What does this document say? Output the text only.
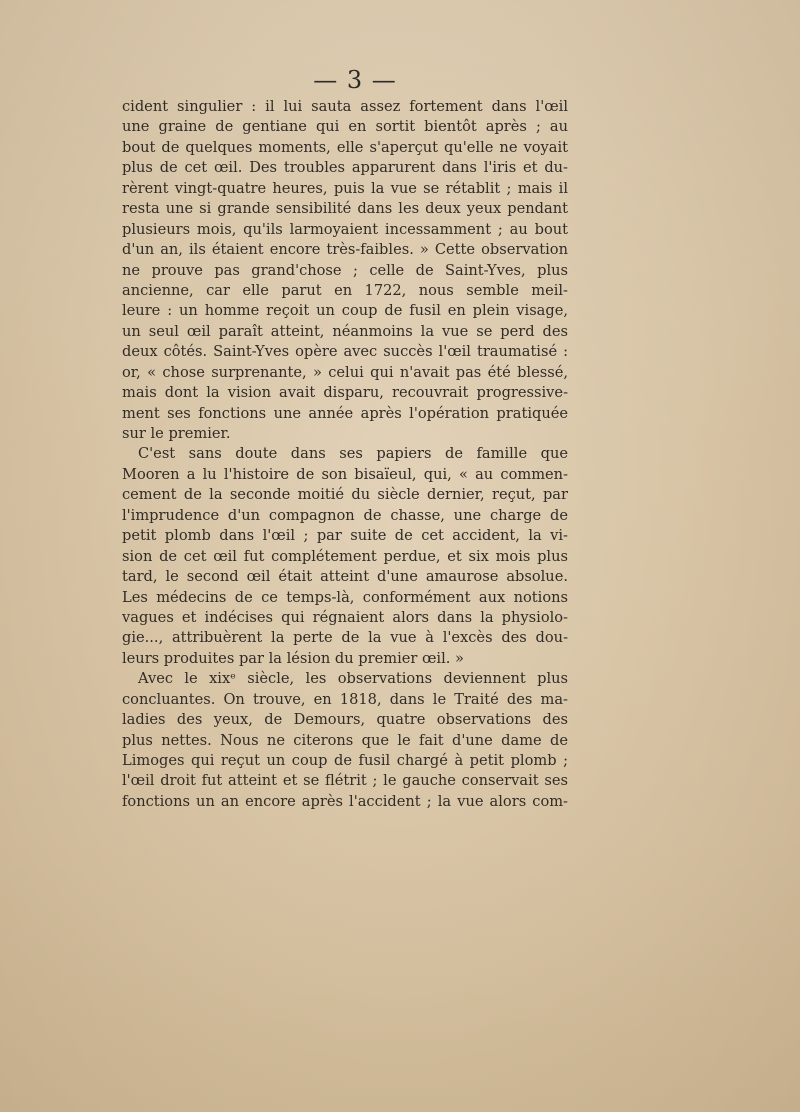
— 3 —
cident singulier : il lui sauta assez fortement dans l'œil
une graine de gentiane qui en sortit bientôt après ; au
bout de quelques moments, elle s'aperçut qu'elle ne voyait
plus de cet œil. Des troubles apparurent dans l'iris et du-
rèrent vingt-quatre heures, puis la vue se rétablit ; mais il
resta une si grande sensibilité dans les deux yeux pendant
plusieurs mois, qu'ils larmoyaient incessamment ; au bout
d'un an, ils étaient encore très-faibles. » Cette observation
ne prouve pas grand'chose ; celle de Saint-Yves, plus
ancienne, car elle parut en 1722, nous semble meil-
leure : un homme reçoit un coup de fusil en plein visage,
un seul œil paraît atteint, néanmoins la vue se perd des
deux côtés. Saint-Yves opère avec succès l'œil traumatisé :
or, « chose surprenante, » celui qui n'avait pas été blessé,
mais dont la vision avait disparu, recouvrait progressive-
ment ses fonctions une année après l'opération pratiquée
sur le premier.
C'est sans doute dans ses papiers de famille que
Mooren a lu l'histoire de son bisaïeul, qui, « au commen-
cement de la seconde moitié du siècle dernier, reçut, par
l'imprudence d'un compagnon de chasse, une charge de
petit plomb dans l'œil ; par suite de cet accident, la vi-
sion de cet œil fut complétement perdue, et six mois plus
tard, le second œil était atteint d'une amaurose absolue.
Les médecins de ce temps-là, conformément aux notions
vagues et indécises qui régnaient alors dans la physiolo-
gie..., attribuèrent la perte de la vue à l'excès des dou-
leurs produites par la lésion du premier œil. »
Avec le xixᵉ siècle, les observations deviennent plus
concluantes. On trouve, en 1818, dans le Traité des ma-
ladies des yeux, de Demours, quatre observations des
plus nettes. Nous ne citerons que le fait d'une dame de
Limoges qui reçut un coup de fusil chargé à petit plomb ;
l'œil droit fut atteint et se flétrit ; le gauche conservait ses
fonctions un an encore après l'accident ; la vue alors com-
